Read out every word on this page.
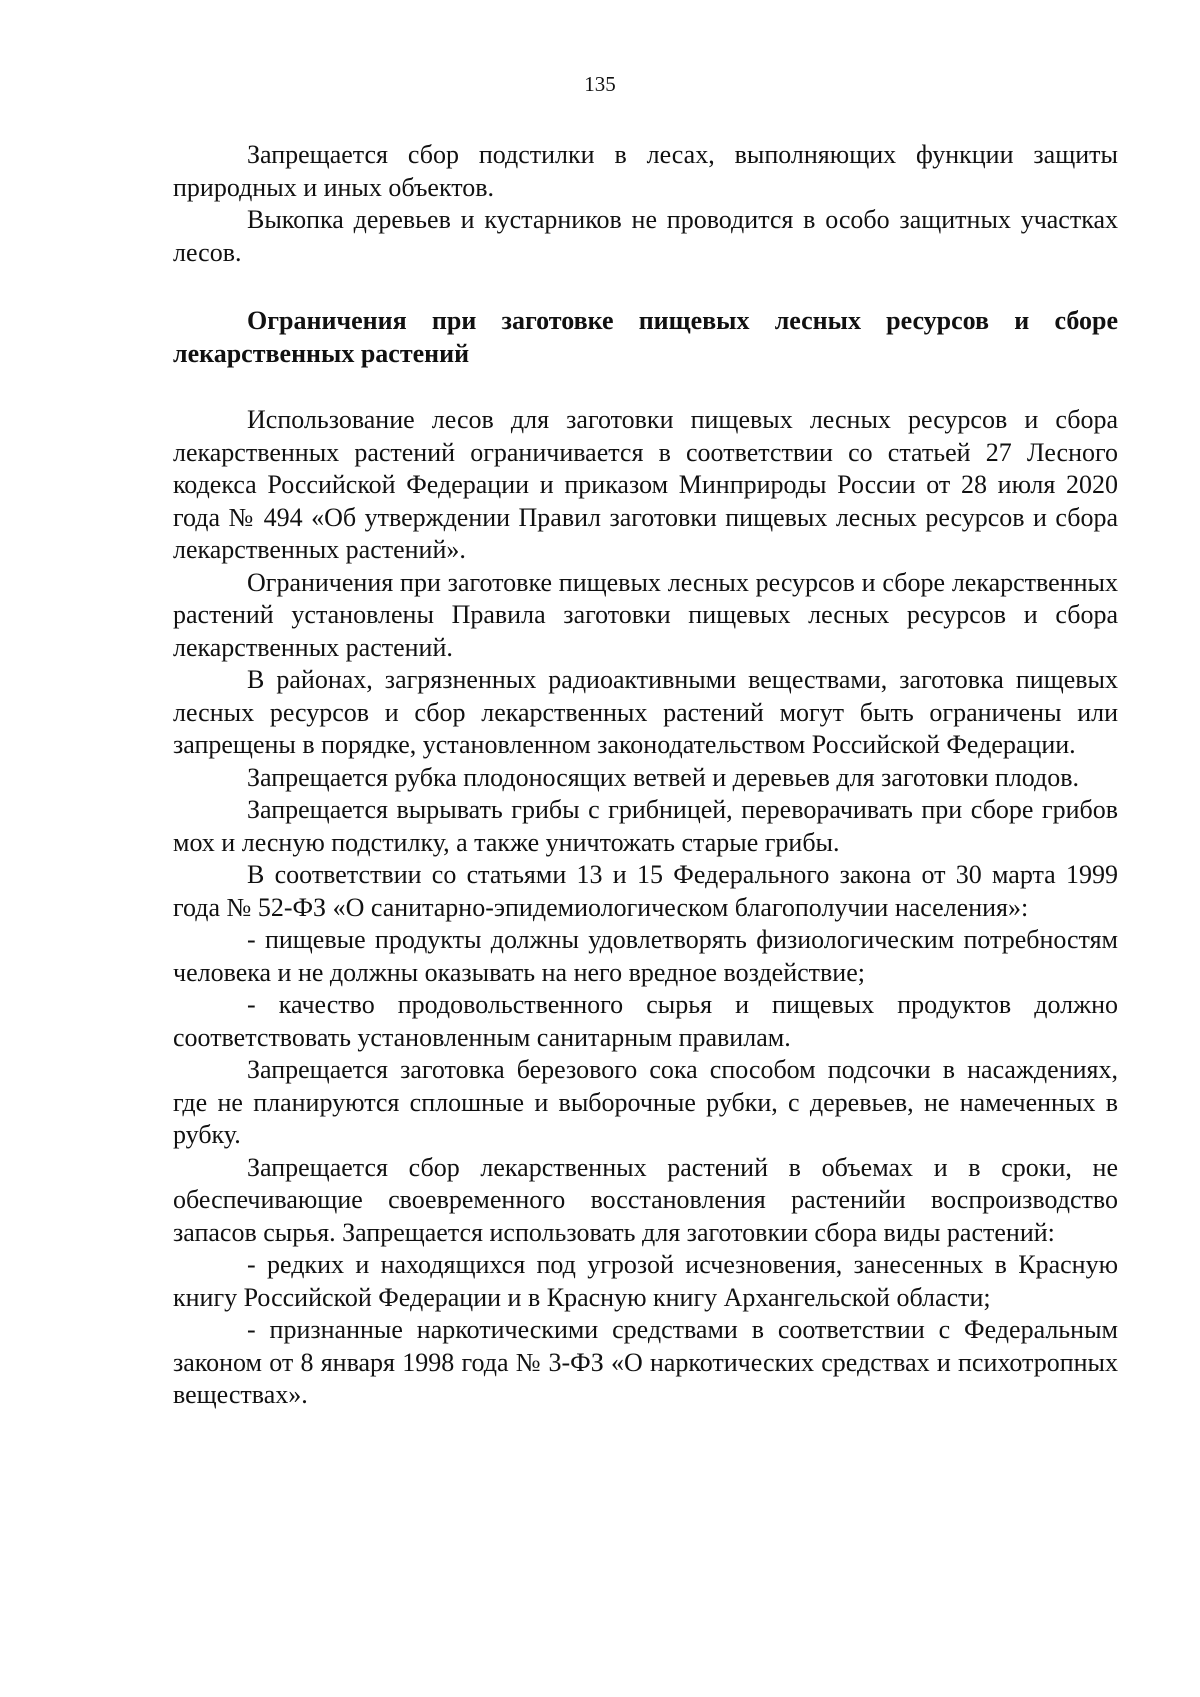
135

Запрещается сбор подстилки в лесах, выполняющих функции защиты природных и иных объектов.

Выкопка деревьев и кустарников не проводится в особо защитных участках лесов.

Ограничения при заготовке пищевых лесных ресурсов и сборе лекарственных растений

Использование лесов для заготовки пищевых лесных ресурсов и сбора лекарственных растений ограничивается в соответствии со статьей 27 Лесного кодекса Российской Федерации и приказом Минприроды России от 28 июля 2020 года № 494 «Об утверждении Правил заготовки пищевых лесных ресурсов и сбора лекарственных растений».

Ограничения при заготовке пищевых лесных ресурсов и сборе лекарственных растений установлены Правила заготовки пищевых лесных ресурсов и сбора лекарственных растений.

В районах, загрязненных радиоактивными веществами, заготовка пищевых лесных ресурсов и сбор лекарственных растений могут быть ограничены или запрещены в порядке, установленном законодательством Российской Федерации.

Запрещается рубка плодоносящих ветвей и деревьев для заготовки плодов.

Запрещается вырывать грибы с грибницей, переворачивать при сборе грибов мох и лесную подстилку, а также уничтожать старые грибы.

В соответствии со статьями 13 и 15 Федерального закона от 30 марта 1999 года № 52-ФЗ «О санитарно-эпидемиологическом благополучии населения»:

- пищевые продукты должны удовлетворять физиологическим потребностям человека и не должны оказывать на него вредное воздействие;

- качество продовольственного сырья и пищевых продуктов должно соответствовать установленным санитарным правилам.

Запрещается заготовка березового сока способом подсочки в насаждениях, где не планируются сплошные и выборочные рубки, с деревьев, не намеченных в рубку.

Запрещается сбор лекарственных растений в объемах и в сроки, не обеспечивающие своевременного восстановления растенийи воспроизводство запасов сырья. Запрещается использовать для заготовкии сбора виды растений:

- редких и находящихся под угрозой исчезновения, занесенных в Красную книгу Российской Федерации и в Красную книгу Архангельской области;

- признанные наркотическими средствами в соответствии с Федеральным законом от 8 января 1998 года № 3-ФЗ «О наркотических средствах и психотропных веществах».
